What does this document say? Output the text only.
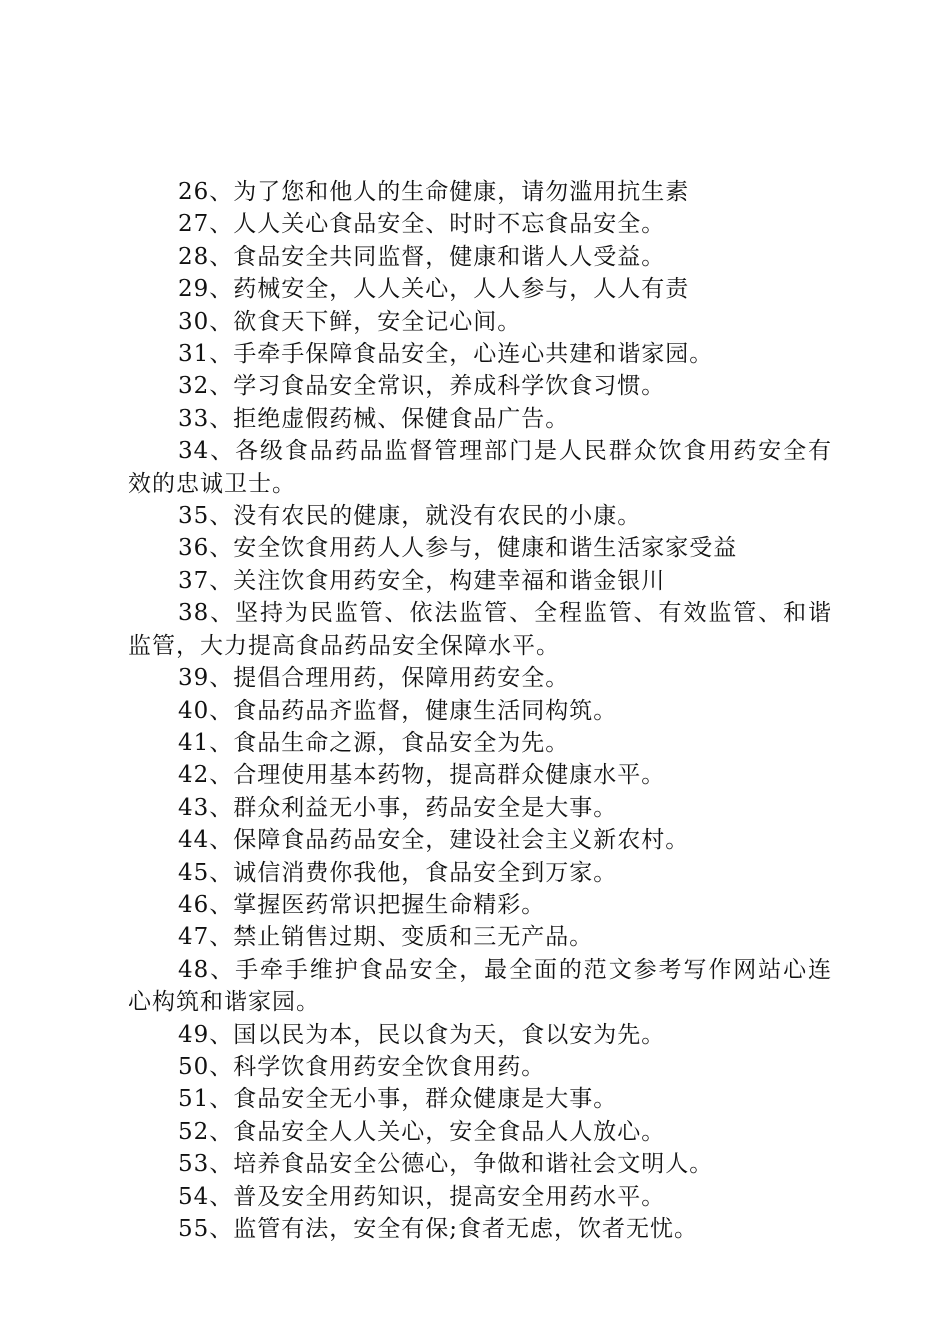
26、为了您和他人的生命健康，请勿滥用抗生素

27、人人关心食品安全、时时不忘食品安全。

28、食品安全共同监督，健康和谐人人受益。

29、药械安全，人人关心，人人参与，人人有责

30、欲食天下鲜，安全记心间。

31、手牵手保障食品安全，心连心共建和谐家园。

32、学习食品安全常识，养成科学饮食习惯。

33、拒绝虚假药械、保健食品广告。

34、各级食品药品监督管理部门是人民群众饮食用药安全有效的忠诚卫士。

35、没有农民的健康，就没有农民的小康。

36、安全饮食用药人人参与，健康和谐生活家家受益

37、关注饮食用药安全，构建幸福和谐金银川

38、坚持为民监管、依法监管、全程监管、有效监管、和谐监管，大力提高食品药品安全保障水平。

39、提倡合理用药，保障用药安全。

40、食品药品齐监督，健康生活同构筑。

41、食品生命之源，食品安全为先。

42、合理使用基本药物，提高群众健康水平。

43、群众利益无小事，药品安全是大事。

44、保障食品药品安全，建设社会主义新农村。

45、诚信消费你我他，食品安全到万家。

46、掌握医药常识把握生命精彩。

47、禁止销售过期、变质和三无产品。

48、手牵手维护食品安全，最全面的范文参考写作网站心连心构筑和谐家园。

49、国以民为本，民以食为天，食以安为先。

50、科学饮食用药安全饮食用药。

51、食品安全无小事，群众健康是大事。

52、食品安全人人关心，安全食品人人放心。

53、培养食品安全公德心，争做和谐社会文明人。

54、普及安全用药知识，提高安全用药水平。

55、监管有法，安全有保;食者无虑，饮者无忧。
